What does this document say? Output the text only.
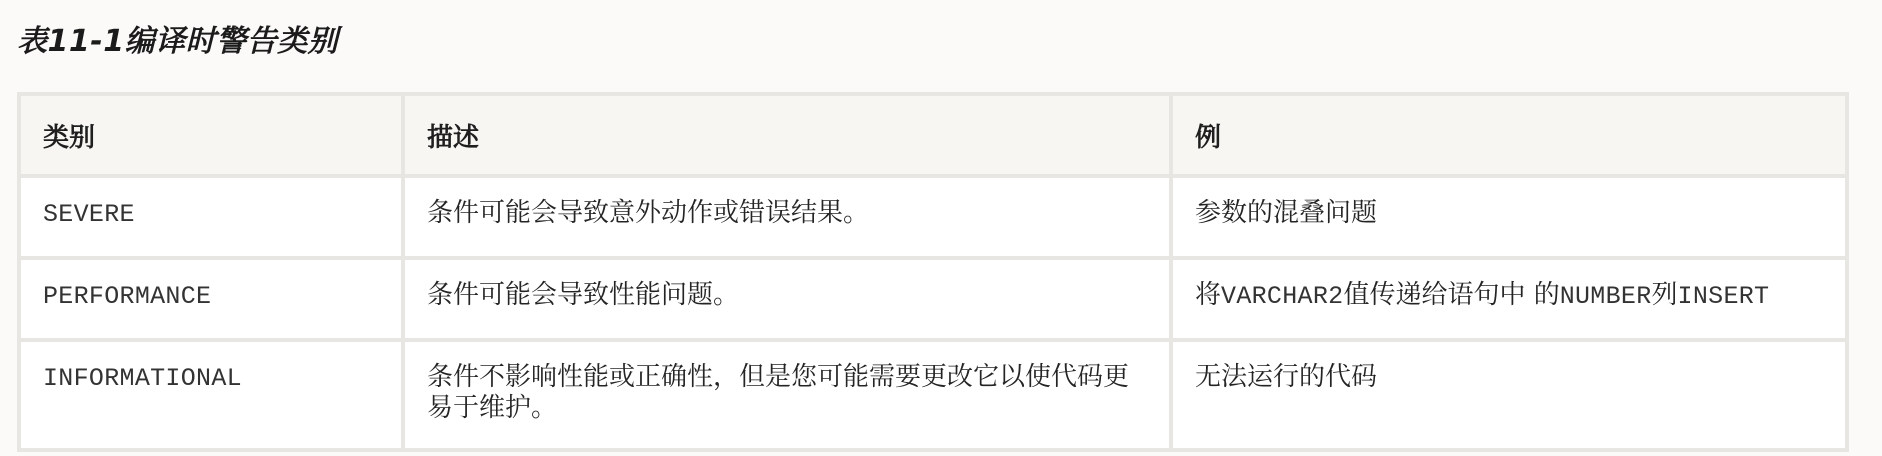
表11-1编译时警告类别
类别	描述	例
SEVERE	条件可能会导致意外动作或错误结果。	参数的混叠问题
PERFORMANCE	条件可能会导致性能问题。	将VARCHAR2值传递给语句中 的NUMBER列INSERT
INFORMATIONAL	条件不影响性能或正确性，但是您可能需要更改它以使代码更易于维护。	无法运行的代码
